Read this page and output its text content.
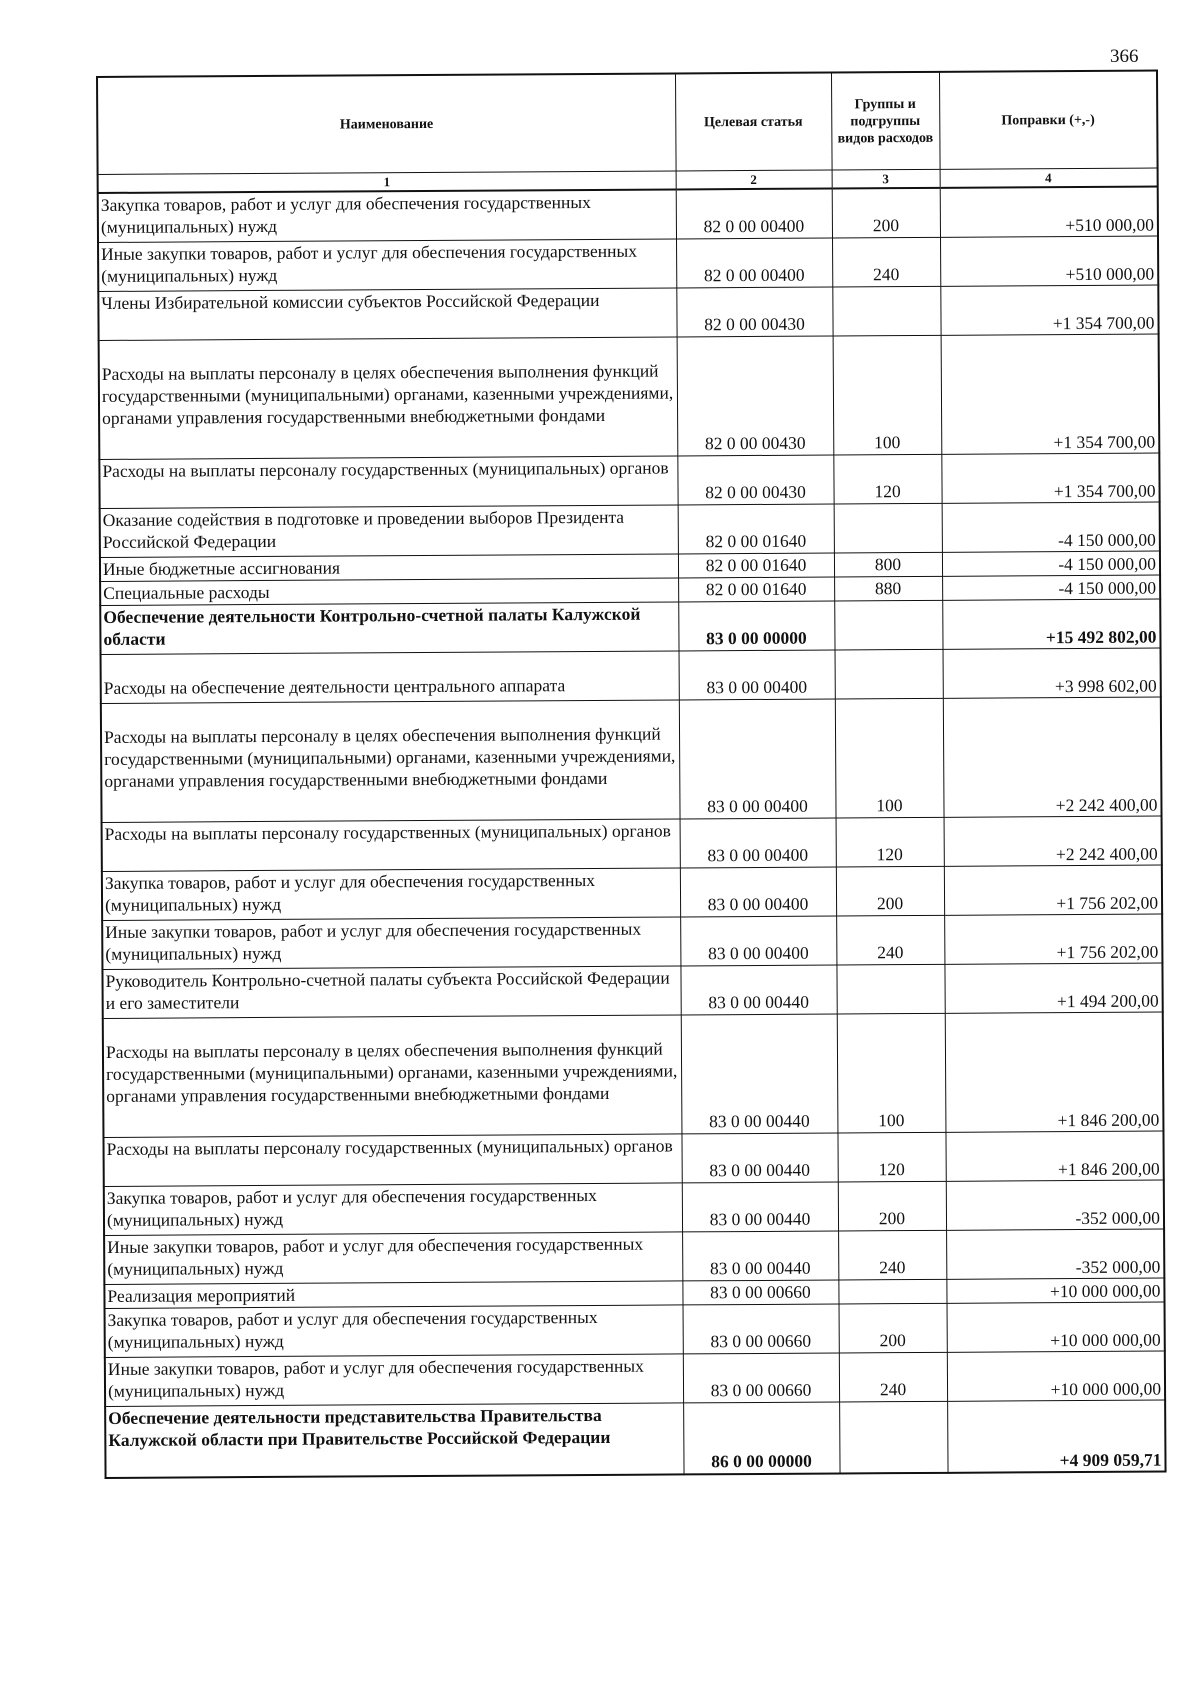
366
Наименование	Целевая статья	Группы и подгруппы видов расходов	Поправки (+,-)
1	2	3	4
Закупка товаров, работ и услуг для обеспечения государственных (муниципальных) нужд	82 0 00 00400	200	+510 000,00
Иные закупки товаров, работ и услуг для обеспечения государственных (муниципальных) нужд	82 0 00 00400	240	+510 000,00
Члены Избирательной комиссии субъектов Российской Федерации	82 0 00 00430		+1 354 700,00
Расходы на выплаты персоналу в целях обеспечения выполнения функций государственными (муниципальными) органами, казенными учреждениями, органами управления государственными внебюджетными фондами	82 0 00 00430	100	+1 354 700,00
Расходы на выплаты персоналу государственных (муниципальных) органов	82 0 00 00430	120	+1 354 700,00
Оказание содействия в подготовке и проведении выборов Президента Российской Федерации	82 0 00 01640		-4 150 000,00
Иные бюджетные ассигнования	82 0 00 01640	800	-4 150 000,00
Специальные расходы	82 0 00 01640	880	-4 150 000,00
Обеспечение деятельности Контрольно-счетной палаты Калужской области	83 0 00 00000		+15 492 802,00
Расходы на обеспечение деятельности центрального аппарата	83 0 00 00400		+3 998 602,00
Расходы на выплаты персоналу в целях обеспечения выполнения функций государственными (муниципальными) органами, казенными учреждениями, органами управления государственными внебюджетными фондами	83 0 00 00400	100	+2 242 400,00
Расходы на выплаты персоналу государственных (муниципальных) органов	83 0 00 00400	120	+2 242 400,00
Закупка товаров, работ и услуг для обеспечения государственных (муниципальных) нужд	83 0 00 00400	200	+1 756 202,00
Иные закупки товаров, работ и услуг для обеспечения государственных (муниципальных) нужд	83 0 00 00400	240	+1 756 202,00
Руководитель Контрольно-счетной палаты субъекта Российской Федерации и его заместители	83 0 00 00440		+1 494 200,00
Расходы на выплаты персоналу в целях обеспечения выполнения функций государственными (муниципальными) органами, казенными учреждениями, органами управления государственными внебюджетными фондами	83 0 00 00440	100	+1 846 200,00
Расходы на выплаты персоналу государственных (муниципальных) органов	83 0 00 00440	120	+1 846 200,00
Закупка товаров, работ и услуг для обеспечения государственных (муниципальных) нужд	83 0 00 00440	200	-352 000,00
Иные закупки товаров, работ и услуг для обеспечения государственных (муниципальных) нужд	83 0 00 00440	240	-352 000,00
Реализация мероприятий	83 0 00 00660		+10 000 000,00
Закупка товаров, работ и услуг для обеспечения государственных (муниципальных) нужд	83 0 00 00660	200	+10 000 000,00
Иные закупки товаров, работ и услуг для обеспечения государственных (муниципальных) нужд	83 0 00 00660	240	+10 000 000,00
Обеспечение деятельности представительства Правительства Калужской области при Правительстве Российской Федерации	86 0 00 00000		+4 909 059,71
